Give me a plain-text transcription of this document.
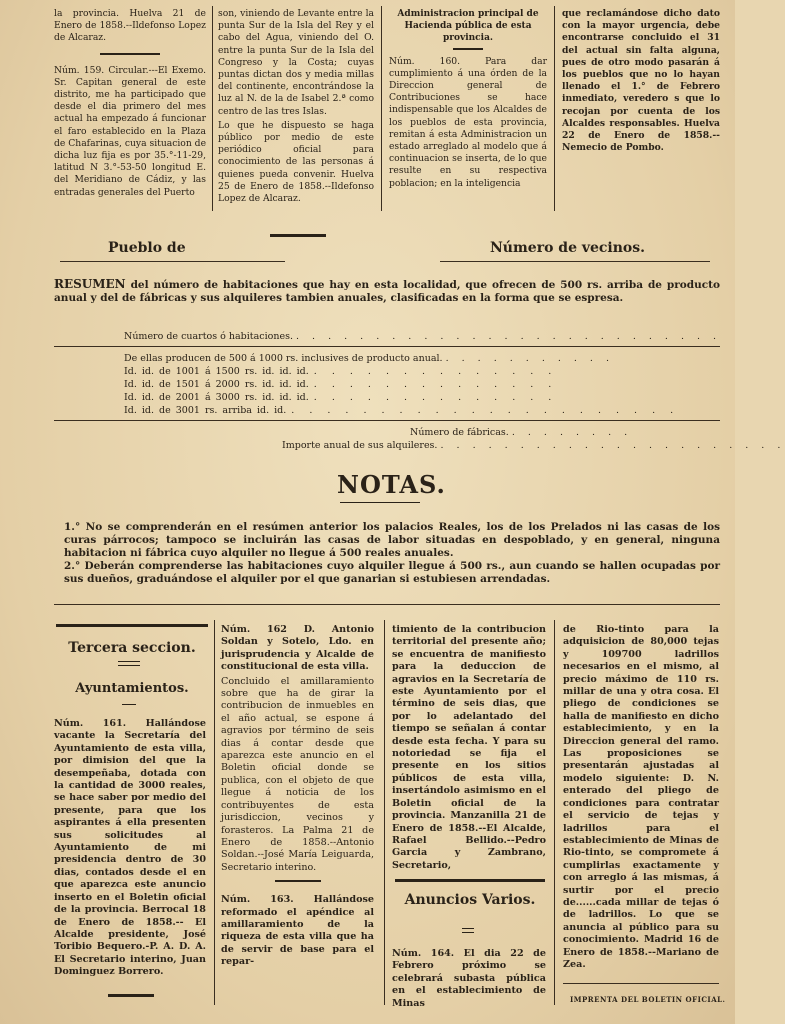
la provincia. Huelva 21 de Enero de 1858.--Ildefonso Lopez de Alcaraz.

Núm. 159. Circular.---El Exemo. Sr. Capitan general de este distrito, me ha participado que desde el dia primero del mes actual ha empezado á funcionar el faro establecido en la Plaza de Chafarinas, cuya situacion de dicha luz fija es por 35.°-11-29, latitud N 3.°-53-50 longitud E. del Meridiano de Cádiz, y las entradas generales del Puerto

son, viniendo de Levante entre la punta Sur de la Isla del Rey y el cabo del Agua, viniendo del O. entre la punta Sur de la Isla del Congreso y la Costa; cuyas puntas dictan dos y media millas del continente, encontrándose la luz al N. de la de Isabel 2.ª como centro de las tres Islas.

Lo que he dispuesto se haga público por medio de este periódico oficial para conocimiento de las personas á quienes pueda convenir. Huelva 25 de Enero de 1858.--Ildefonso Lopez de Alcaraz.

Administracion principal de Hacienda pública de esta provincia.

Núm. 160. Para dar cumplimiento á una órden de la Direccion general de Contribuciones se hace indispensable que los Alcaldes de los pueblos de esta provincia, remitan á esta Administracion un estado arreglado al modelo que á continuacion se inserta, de lo que resulte en su respectiva poblacion; en la inteligencia

que reclamándose dicho dato con la mayor urgencia, debe encontrarse concluido el 31 del actual sin falta alguna, pues de otro modo pasarán á los pueblos que no lo hayan llenado el 1.° de Febrero inmediato, veredero s que lo recojan por cuenta de los Alcaldes responsables. Huelva 22 de Enero de 1858.--Nemecio de Pombo.

Pueblo de	Número de vecinos.
RESUMEN del número de habitaciones que hay en esta localidad, que ofrecen de 500 rs. arriba de producto anual y del de fábricas y sus alquileres tambien anuales, clasificadas en la forma que se espresa.
Número de cuartos ó habitaciones. . . . . . . . . . . . . . . . . . . . . . . . . . . .
De ellas producen de 500 á 1000 rs. inclusives de producto anual. . . . . . . . . . . .
Id. id. de 1001 á 1500 rs. id. id. id. . . . . . . . . . . . . . .
Id. id. de 1501 á 2000 rs. id. id. id. . . . . . . . . . . . . . .
Id. id. de 2001 á 3000 rs. id. id. id. . . . . . . . . . . . . . .
Id. id. de 3001 rs. arriba id. id. . . . . . . . . . . . . . . . . . . . . . .
Número de fábricas. . . . . . . . .
Importe anual de sus alquileres. . . . . . . . . . . . . . . . . . . . . . .
NOTAS.
1.° No se comprenderán en el resúmen anterior los palacios Reales, los de los Prelados ni las casas de los curas párrocos; tampoco se incluirán las casas de labor situadas en despoblado, y en general, ninguna habitacion ni fábrica cuyo alquiler no llegue á 500 reales anuales.
2.° Deberán comprenderse las habitaciones cuyo alquiler llegue á 500 rs., aun cuando se hallen ocupadas por sus dueños, graduándose el alquiler por el que ganarian si estubiesen arrendadas.
Tercera seccion.
Ayuntamientos.

Núm. 161. Hallándose vacante la Secretaría del Ayuntamiento de esta villa, por dimision del que la desempeñaba, dotada con la cantidad de 3000 reales, se hace saber por medio del presente, para que los aspirantes á ella presenten sus solicitudes al Ayuntamiento de mi presidencia dentro de 30 dias, contados desde el en que aparezca este anuncio inserto en el Boletin oficial de la provincia. Berrocal 18 de Enero de 1858.-- El Alcalde presidente, José Toribio Bequero.-P. A. D. A. El Secretario interino, Juan Dominguez Borrero.

Núm. 162 D. Antonio Soldan y Sotelo, Ldo. en jurisprudencia y Alcalde de constitucional de esta villa.

Concluido el amillaramiento sobre que ha de girar la contribucion de inmuebles en el año actual, se espone á agravios por término de seis dias á contar desde que aparezca este anuncio en el Boletin oficial donde se publica, con el objeto de que llegue á noticia de los contribuyentes de esta jurisdiccion, vecinos y forasteros. La Palma 21 de Enero de 1858.--Antonio Soldan.--José María Leiguarda, Secretario interino.

Núm. 163. Hallándose reformado el apéndice al amillaramiento de la riqueza de esta villa que ha de servir de base para el repar-

timiento de la contribucion territorial del presente año; se encuentra de manifiesto para la deduccion de agravios en la Secretaría de este Ayuntamiento por el término de seis dias, que por lo adelantado del tiempo se señalan á contar desde esta fecha. Y para su notoriedad se fija el presente en los sitios públicos de esta villa, insertándolo asimismo en el Boletin oficial de la provincia. Manzanilla 21 de Enero de 1858.--El Alcalde, Rafael Bellido.--Pedro Garcia y Zambrano, Secretario,

Anuncios Varios.

Núm. 164. El dia 22 de Febrero próximo se celebrará subasta pública en el establecimiento de Minas

de Rio-tinto para la adquisicion de 80,000 tejas y 109700 ladrillos necesarios en el mismo, al precio máximo de 110 rs. millar de una y otra cosa. El pliego de condiciones se halla de manifiesto en dicho establecimiento, y en la Direccion general del ramo. Las proposiciones se presentarán ajustadas al modelo siguiente: D. N. enterado del pliego de condiciones para contratar el servicio de tejas y ladrillos para el establecimiento de Minas de Rio-tinto, se compromete á cumplirlas exactamente y con arreglo á las mismas, á surtir por el precio de......cada millar de tejas ó de ladrillos. Lo que se anuncia al público para su conocimiento. Madrid 16 de Enero de 1858.--Mariano de Zea.

IMPRENTA DEL BOLETIN OFICIAL.
